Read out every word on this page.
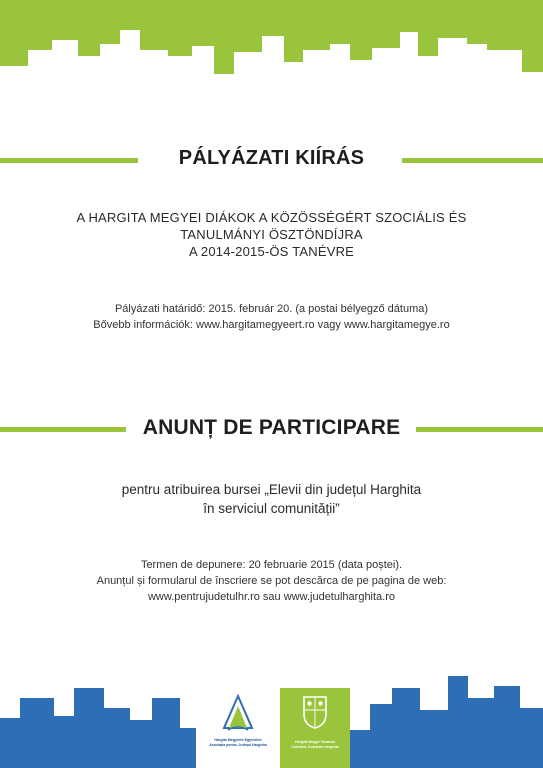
PÁLYÁZATI KIÍRÁS
A HARGITA MEGYEI DIÁKOK A KÖZÖSSÉGÉRT SZOCIÁLIS ÉS
TANULMÁNYI ÖSZTÖNDÍJRA
A 2014-2015-ÖS TANÉVRE
Pályázati határidő: 2015. február 20. (a postai bélyegző dátuma)
Bővebb információk: www.hargitamegyeert.ro vagy www.hargitamegye.ro
ANUNȚ DE PARTICIPARE
pentru atribuirea bursei „Elevii din județul Harghita
în serviciul comunității”
Termen de depunere: 20 februarie 2015 (data poștei).
Anunțul și formularul de înscriere se pot descărca de pe pagina de web:
www.pentrujudetulhr.ro sau www.judetulharghita.ro
Hargita Megyéért Egyesület
Asociația pentru Județul Harghita
Hargita Megye Tanácsa
Consiliul Județean Harghita
